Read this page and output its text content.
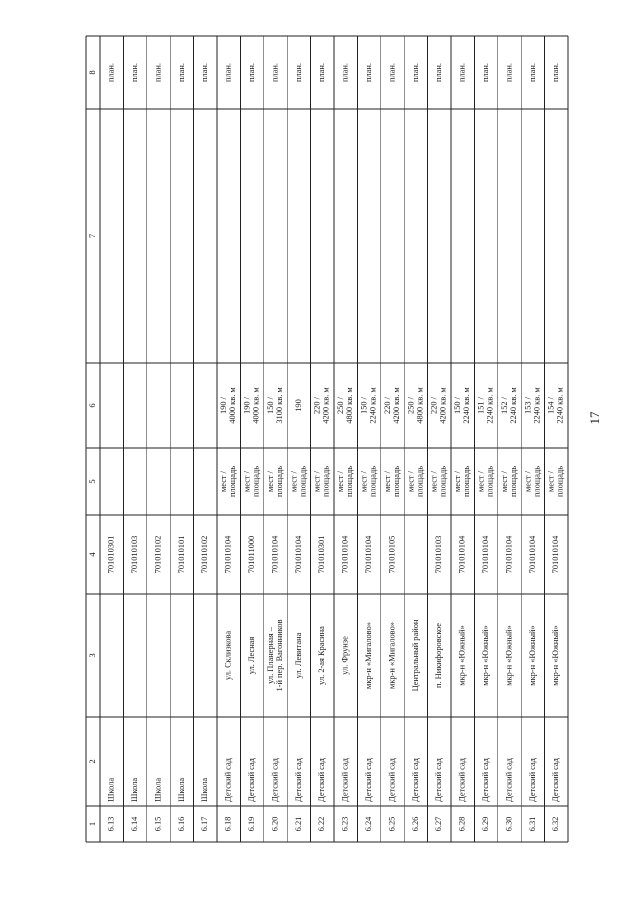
17
1
2
3
4
5
6
7
8
6.13
Школа
701010301
план.
6.14
Школа
701010103
план.
6.15
Школа
701010102
план.
6.16
Школа
701010101
план.
6.17
Школа
701010102
план.
6.18
Детский сад
ул. Склизкова
701010104
мест / площадь
190 / 4000 кв. м
план.
6.19
Детский сад
ул. Лесная
701011000
мест / площадь
190 / 4000 кв. м
план.
6.20
Детский сад
ул. Планерная – 1-й пер. Вагонников
701010104
мест / площадь
150 / 3100 кв. м
план.
6.21
Детский сад
ул. Левитана
701010104
мест / площадь
190
план.
6.22
Детский сад
ул. 2-ая Красина
701010301
мест / площадь
220 / 4200 кв. м
план.
6.23
Детский сад
ул. Фрунзе
701010104
мест / площадь
250 / 4800 кв. м
план.
6.24
Детский сад
мкр-н «Мигалово»
701010104
мест / площадь
150 / 2240 кв. м
план.
6.25
Детский сад
мкр-н «Мигалово»
701010105
мест / площадь
220 / 4200 кв. м
план.
6.26
Детский сад
Центральный район
мест / площадь
250 / 4800 кв. м
план.
6.27
Детский сад
п. Никифоровское
701010103
мест / площадь
220 / 4200 кв. м
план.
6.28
Детский сад
мкр-н «Южный»
701010104
мест / площадь
150 / 2240 кв. м
план.
6.29
Детский сад
мкр-н «Южный»
701010104
мест / площадь
151 / 2240 кв. м
план.
6.30
Детский сад
мкр-н «Южный»
701010104
мест / площадь
152 / 2240 кв. м
план.
6.31
Детский сад
мкр-н «Южный»
701010104
мест / площадь
153 / 2240 кв. м
план.
6.32
Детский сад
мкр-н «Южный»
701010104
мест / площадь
154 / 2240 кв. м
план.
